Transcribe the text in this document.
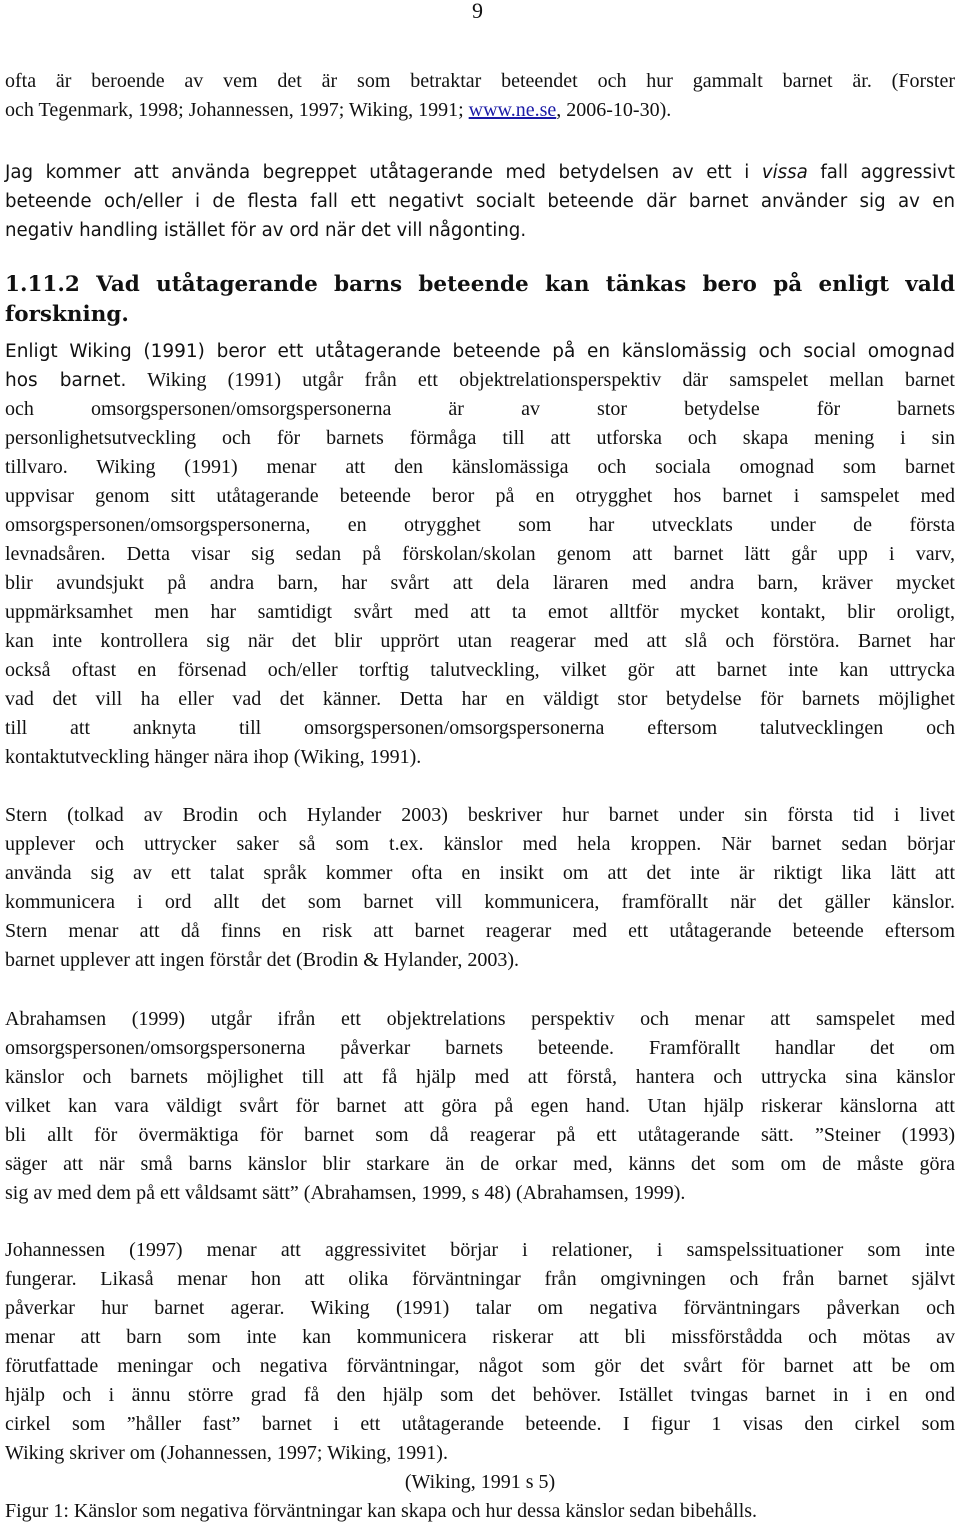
9
ofta är beroende av vem det är som betraktar beteendet och hur gammalt barnet är. (Forster
och Tegenmark, 1998; Johannessen, 1997; Wiking, 1991; www.ne.se, 2006-10-30).
Jag kommer att använda begreppet utåtagerande med betydelsen av ett i vissa fall aggressivt
beteende och/eller i de flesta fall ett negativt socialt beteende där barnet använder sig av en
negativ handling istället för av ord när det vill någonting.
1.11.2 Vad utåtagerande barns beteende kan tänkas bero på enligt vald
forskning.
Enligt Wiking (1991) beror ett utåtagerande beteende på en känslomässig och social omognad
hos barnet. Wiking (1991) utgår från ett objektrelationsperspektiv där samspelet mellan barnet
och omsorgspersonen/omsorgspersonerna är av stor betydelse för barnets
personlighetsutveckling och för barnets förmåga till att utforska och skapa mening i sin
tillvaro. Wiking (1991) menar att den känslomässiga och sociala omognad som barnet
uppvisar genom sitt utåtagerande beteende beror på en otrygghet hos barnet i samspelet med
omsorgspersonen/omsorgspersonerna, en otrygghet som har utvecklats under de första
levnadsåren. Detta visar sig sedan på förskolan/skolan genom att barnet lätt går upp i varv,
blir avundsjukt på andra barn, har svårt att dela läraren med andra barn, kräver mycket
uppmärksamhet men har samtidigt svårt med att ta emot alltför mycket kontakt, blir oroligt,
kan inte kontrollera sig när det blir upprört utan reagerar med att slå och förstöra. Barnet har
också oftast en försenad och/eller torftig talutveckling, vilket gör att barnet inte kan uttrycka
vad det vill ha eller vad det känner. Detta har en väldigt stor betydelse för barnets möjlighet
till att anknyta till omsorgspersonen/omsorgspersonerna eftersom talutvecklingen och
kontaktutveckling hänger nära ihop (Wiking, 1991).
Stern (tolkad av Brodin och Hylander 2003) beskriver hur barnet under sin första tid i livet
upplever och uttrycker saker så som t.ex. känslor med hela kroppen. När barnet sedan börjar
använda sig av ett talat språk kommer ofta en insikt om att det inte är riktigt lika lätt att
kommunicera i ord allt det som barnet vill kommunicera, framförallt när det gäller känslor.
Stern menar att då finns en risk att barnet reagerar med ett utåtagerande beteende eftersom
barnet upplever att ingen förstår det (Brodin & Hylander, 2003).
Abrahamsen (1999) utgår ifrån ett objektrelations perspektiv och menar att samspelet med
omsorgspersonen/omsorgspersonerna påverkar barnets beteende. Framförallt handlar det om
känslor och barnets möjlighet till att få hjälp med att förstå, hantera och uttrycka sina känslor
vilket kan vara väldigt svårt för barnet att göra på egen hand. Utan hjälp riskerar känslorna att
bli allt för övermäktiga för barnet som då reagerar på ett utåtagerande sätt. ”Steiner (1993)
säger att när små barns känslor blir starkare än de orkar med, känns det som om de måste göra
sig av med dem på ett våldsamt sätt” (Abrahamsen, 1999, s 48) (Abrahamsen, 1999).
Johannessen (1997) menar att aggressivitet börjar i relationer, i samspelssituationer som inte
fungerar. Likaså menar hon att olika förväntningar från omgivningen och från barnet självt
påverkar hur barnet agerar. Wiking (1991) talar om negativa förväntningars påverkan och
menar att barn som inte kan kommunicera riskerar att bli missförstådda och mötas av
förutfattade meningar och negativa förväntningar, något som gör det svårt för barnet att be om
hjälp och i ännu större grad få den hjälp som det behöver. Istället tvingas barnet in i en ond
cirkel som ”håller fast” barnet i ett utåtagerande beteende. I figur 1 visas den cirkel som
Wiking skriver om (Johannessen, 1997; Wiking, 1991).
(Wiking, 1991 s 5)
Figur 1: Känslor som negativa förväntningar kan skapa och hur dessa känslor sedan bibehålls.
